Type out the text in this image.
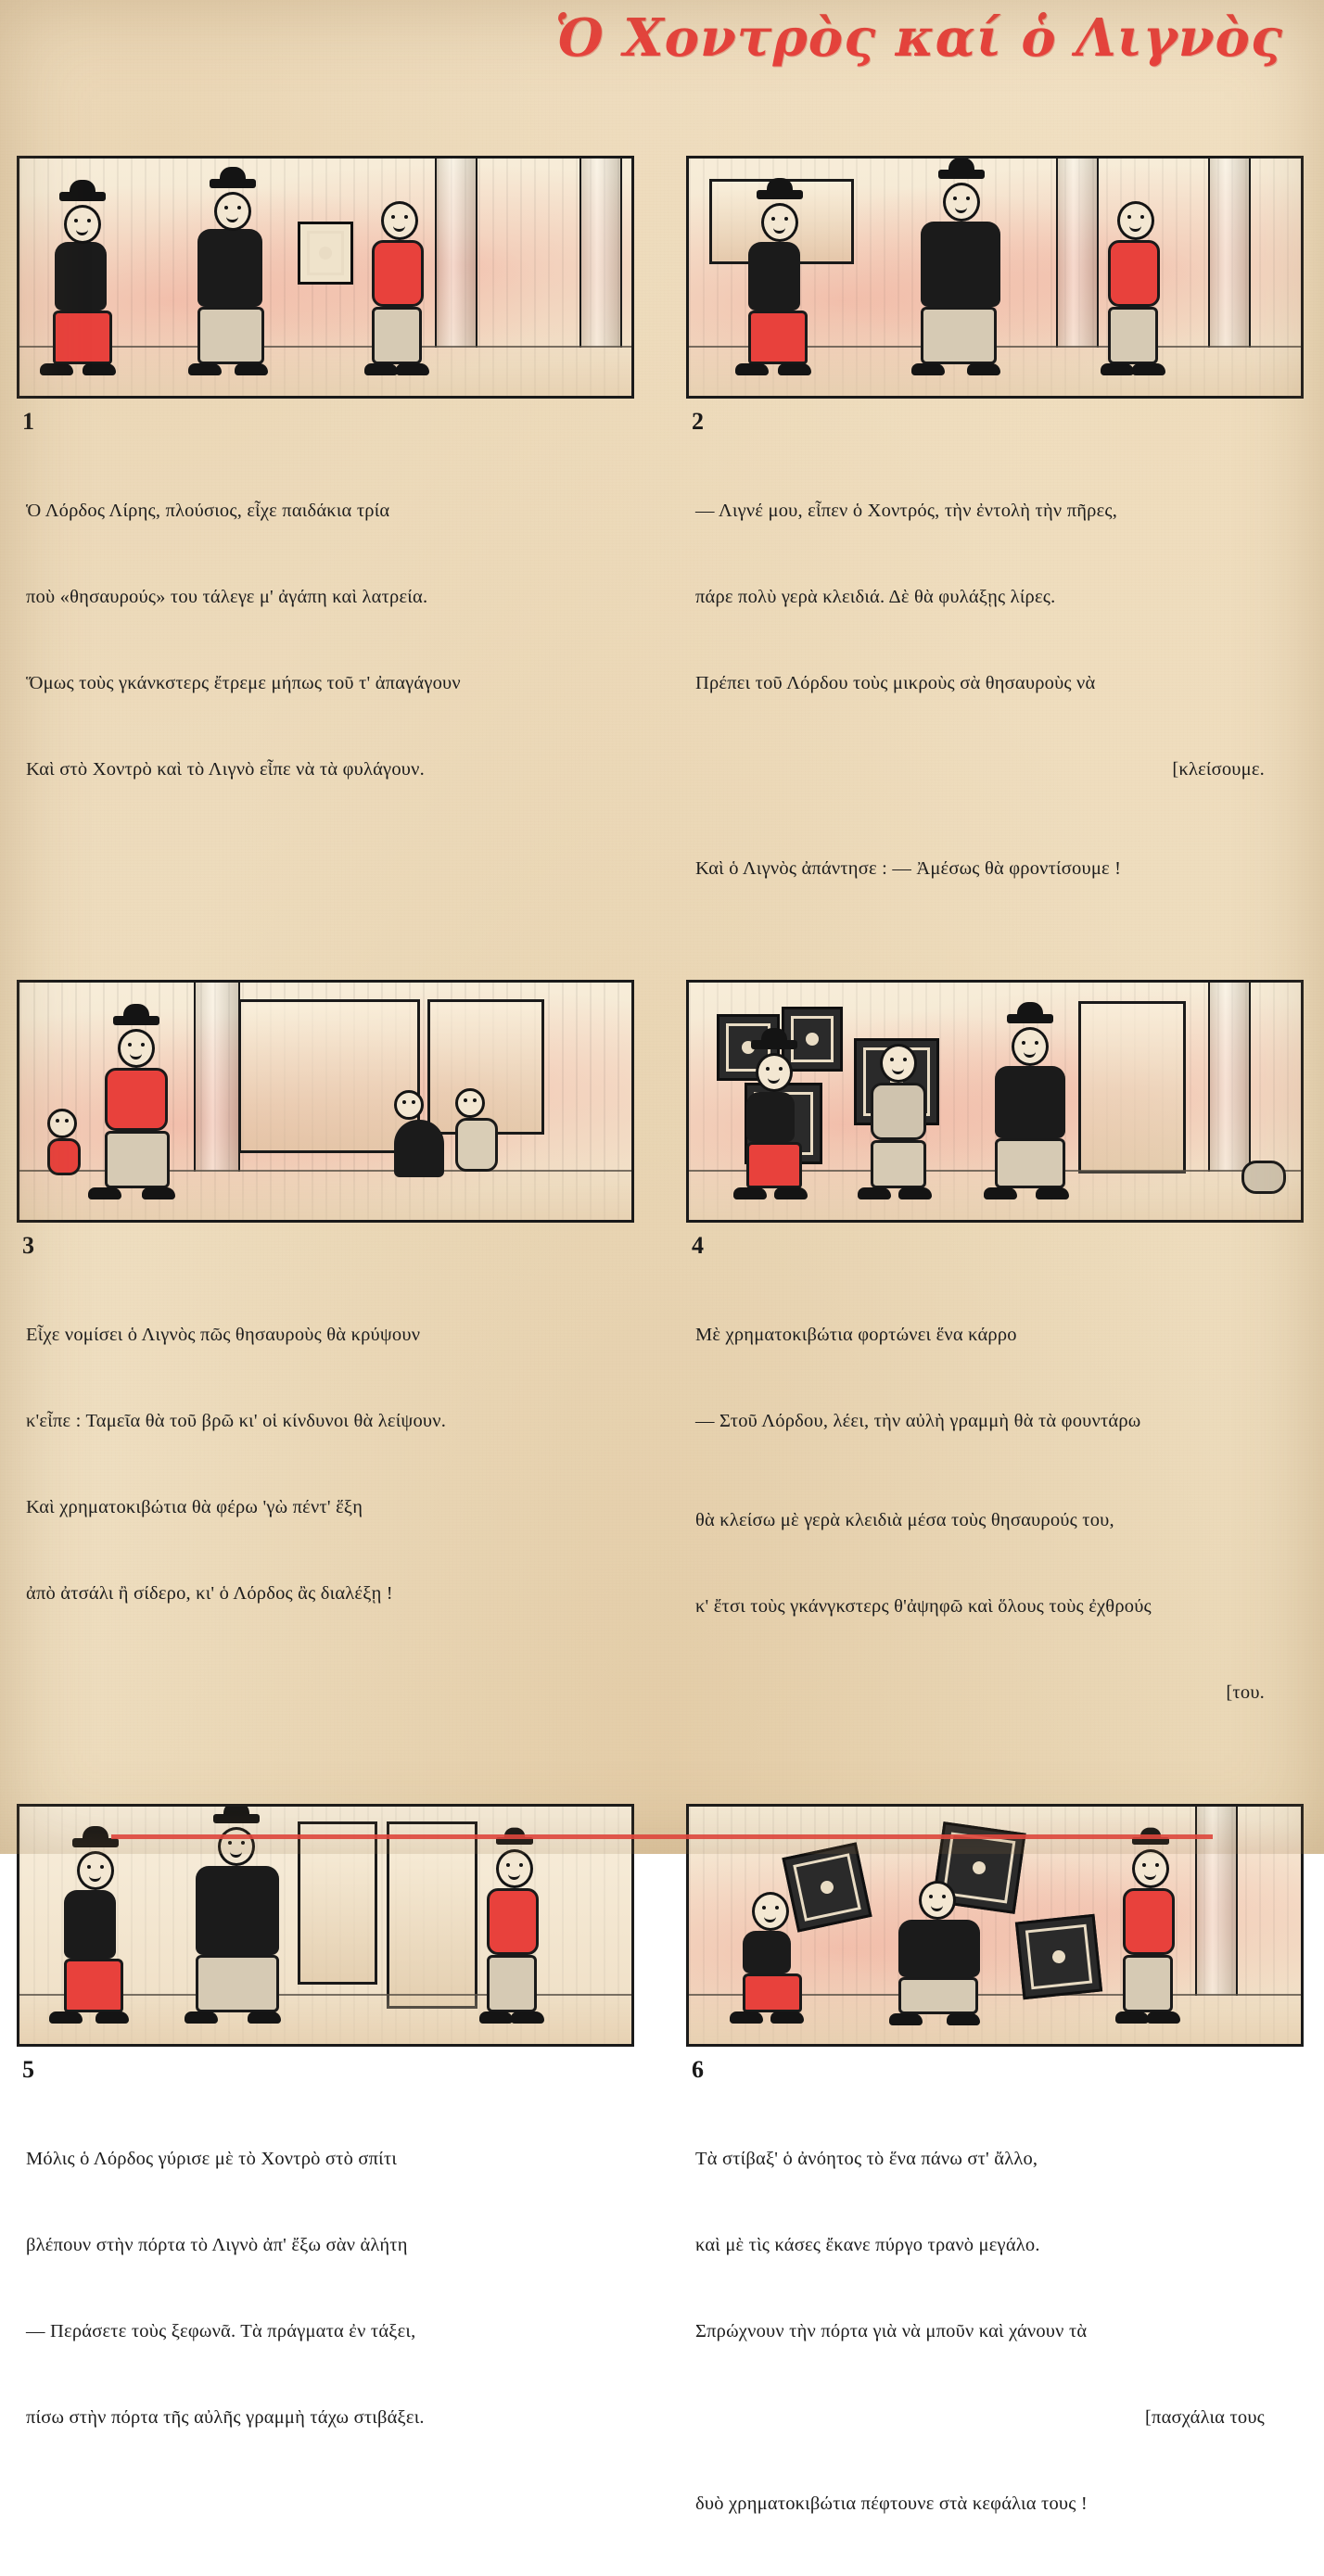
Ὁ Χοντρὸς καί ὁ Λιγνὸς
1

Ὁ Λόρδος Λίρης, πλούσιος, εἶχε παιδάκια τρία

ποὺ «θησαυρούς» του τάλεγε μ' ἀγάπη καὶ λατρεία.

Ὅμως τοὺς γκάνκστερς ἔτρεμε μήπως τοῦ τ' ἀπαγάγουν

Καὶ στὸ Χοντρὸ καὶ τὸ Λιγνὸ εἶπε νὰ τὰ φυλάγουν.

2

— Λιγνέ μου, εἶπεν ὁ Χοντρός, τὴν ἐντολὴ τὴν πῆρες,

πάρε πολὺ γερὰ κλειδιά. Δὲ θὰ φυλάξῃς λίρες.

Πρέπει τοῦ Λόρδου τοὺς μικροὺς σὰ θησαυροὺς νὰ

[κλείσουμε.

Καὶ ὁ Λιγνὸς ἀπάντησε : — Ἀμέσως θὰ φροντίσουμε !

3

Εἶχε νομίσει ὁ Λιγνὸς πῶς θησαυροὺς θὰ κρύψουν

κ'εἶπε : Ταμεῖα θὰ τοῦ βρῶ κι' οἱ κίνδυνοι θὰ λείψουν.

Καὶ χρηματοκιβώτια θὰ φέρω 'γὼ πέντ' ἕξη

ἀπὸ ἀτσάλι ἢ σίδερο, κι' ὁ Λόρδος ἂς διαλέξῃ !

4

Μὲ χρηματοκιβώτια φορτώνει ἕνα κάρρο

— Στοῦ Λόρδου, λέει, τὴν αὐλὴ γραμμὴ θὰ τὰ φουντάρω

θὰ κλείσω μὲ γερὰ κλειδιὰ μέσα τοὺς θησαυρούς του,

κ' ἔτσι τοὺς γκάνγκστερς θ'ἀψηφῶ καὶ ὅλους τοὺς ἐχθρούς

[του.

5

Μόλις ὁ Λόρδος γύρισε μὲ τὸ Χοντρὸ στὸ σπίτι

βλέπουν στὴν πόρτα τὸ Λιγνὸ ἀπ' ἔξω σὰν ἀλήτη

— Περάσετε τοὺς ξεφωνᾶ. Τὰ πράγματα ἐν τάξει,

πίσω στὴν πόρτα τῆς αὐλῆς γραμμὴ τάχω στιβάξει.

6

Τὰ στίβαξ' ὁ ἀνόητος τὸ ἕνα πάνω στ' ἄλλο,

καὶ μὲ τὶς κάσες ἔκανε πύργο τρανὸ μεγάλο.

Σπρώχνουν τὴν πόρτα γιὰ νὰ μποῦν καὶ χάνουν τὰ

[πασχάλια τους

δυὸ χρηματοκιβώτια πέφτουνε στὰ κεφάλια τους !
